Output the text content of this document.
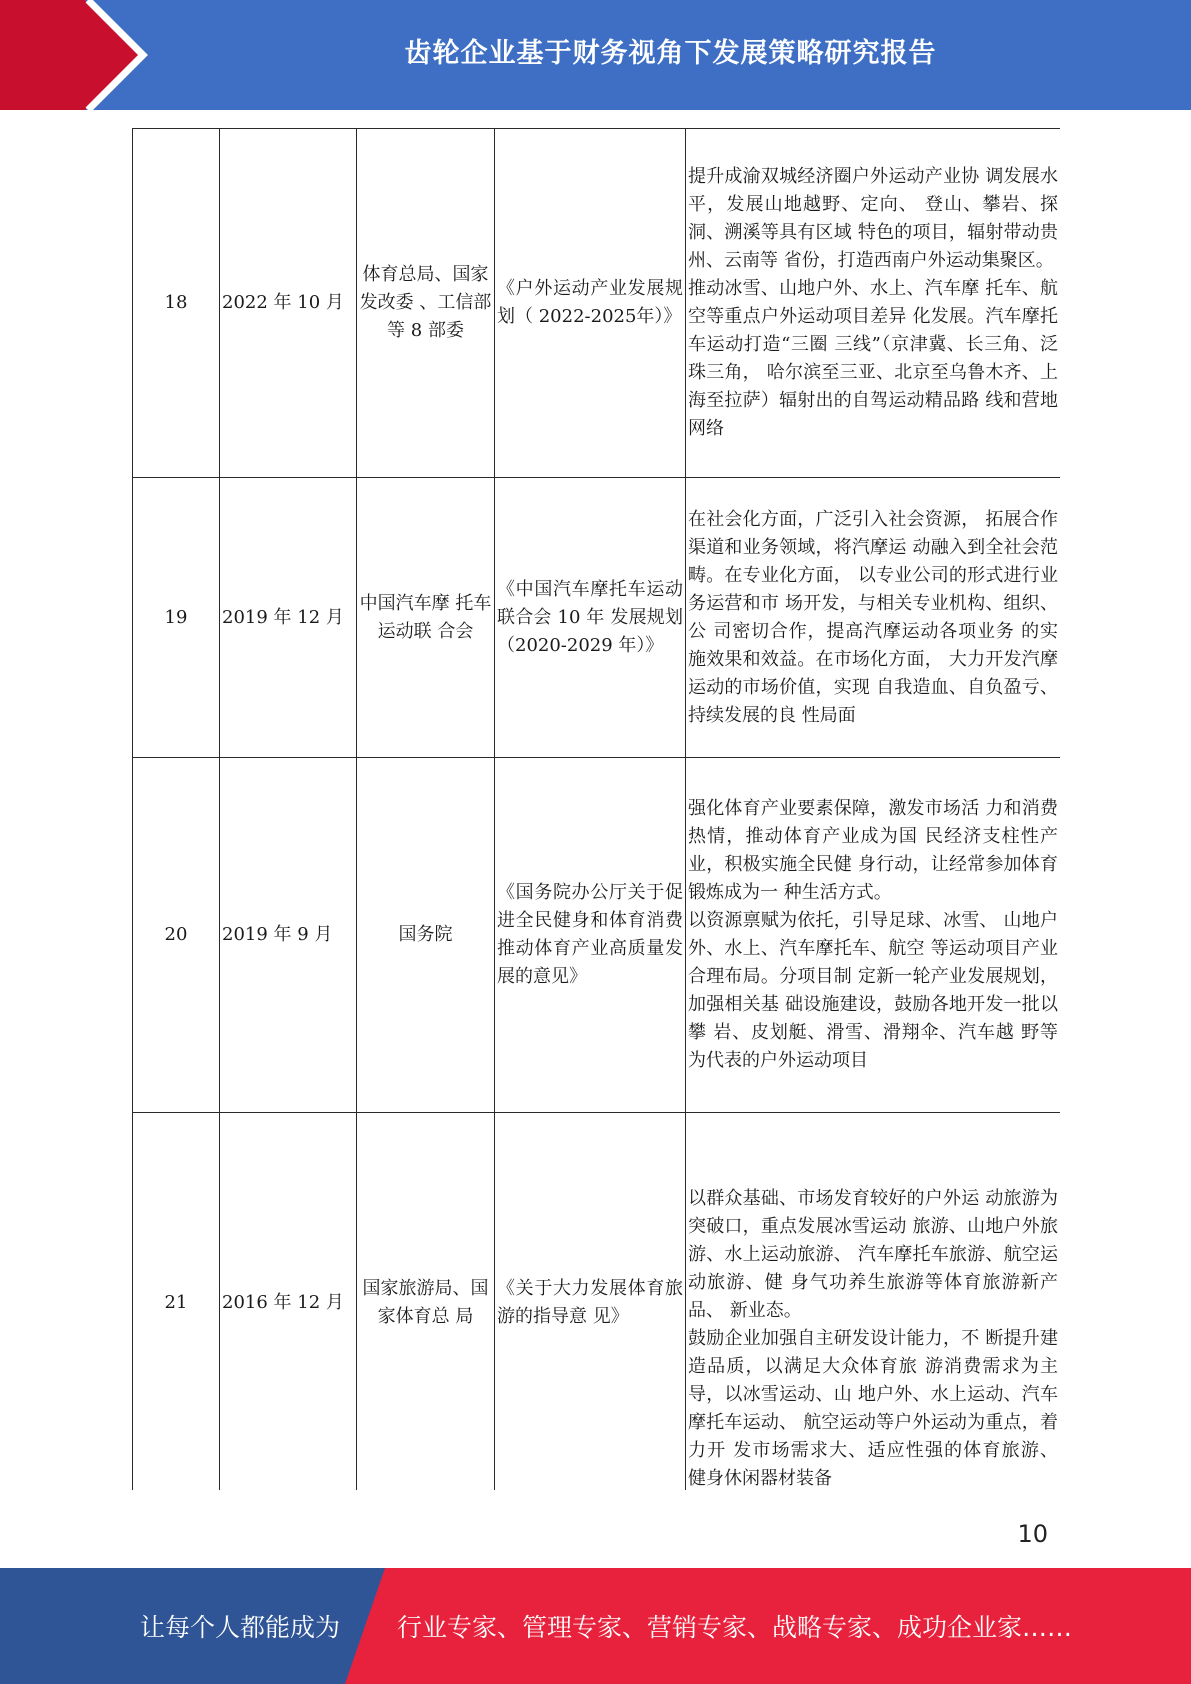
齿轮企业基于财务视角下发展策略研究报告
18	2022 年 10 月	体育总局、国家发改委 、工信部等 8 部委	《户外运动产业发展规划（ 2022-2025年）》	提升成渝双城经济圈户外运动产业协 调发展水平，发展山地越野、定向、 登山、攀岩、探洞、溯溪等具有区域 特色的项目，辐射带动贵州、云南等 省份，打造西南户外运动集聚区。
推动冰雪、山地户外、水上、汽车摩 托车、航空等重点户外运动项目差异 化发展。汽车摩托车运动打造“三圈 三线”（京津冀、长三角、泛珠三角， 哈尔滨至三亚、北京至乌鲁木齐、上 海至拉萨）辐射出的自驾运动精品路 线和营地网络

19	2019 年 12 月	中国汽车摩 托车运动联 合会	《中国汽车摩托车运动联合会 10 年 发展规划（2020-2029 年）》	在社会化方面，广泛引入社会资源， 拓展合作渠道和业务领域，将汽摩运 动融入到全社会范畴。在专业化方面， 以专业公司的形式进行业务运营和市 场开发，与相关专业机构、组织、公 司密切合作，提高汽摩运动各项业务 的实施效果和效益。在市场化方面， 大力开发汽摩运动的市场价值，实现 自我造血、自负盈亏、持续发展的良 性局面

20	2019 年 9 月	国务院	《国务院办公厅关于促进全民健身和体育消费推动体育产业高质量发展的意见》	强化体育产业要素保障，激发市场活 力和消费热情，推动体育产业成为国 民经济支柱性产业，积极实施全民健 身行动，让经常参加体育锻炼成为一 种生活方式。
以资源禀赋为依托，引导足球、冰雪、 山地户外、水上、汽车摩托车、航空 等运动项目产业合理布局。分项目制 定新一轮产业发展规划，加强相关基 础设施建设，鼓励各地开发一批以攀 岩、皮划艇、滑雪、滑翔伞、汽车越 野等为代表的户外运动项目

21	2016 年 12 月	国家旅游局、国家体育总 局	《关于大力发展体育旅游的指导意 见》	以群众基础、市场发育较好的户外运 动旅游为突破口，重点发展冰雪运动 旅游、山地户外旅游、水上运动旅游、 汽车摩托车旅游、航空运动旅游、健 身气功养生旅游等体育旅游新产品、 新业态。
鼓励企业加强自主研发设计能力，不 断提升建造品质，以满足大众体育旅 游消费需求为主导，以冰雪运动、山 地户外、水上运动、汽车摩托车运动、 航空运动等户外运动为重点，着力开 发市场需求大、适应性强的体育旅游、 健身休闲器材装备
10
让每个人都能成为 行业专家、管理专家、营销专家、战略专家、成功企业家……
